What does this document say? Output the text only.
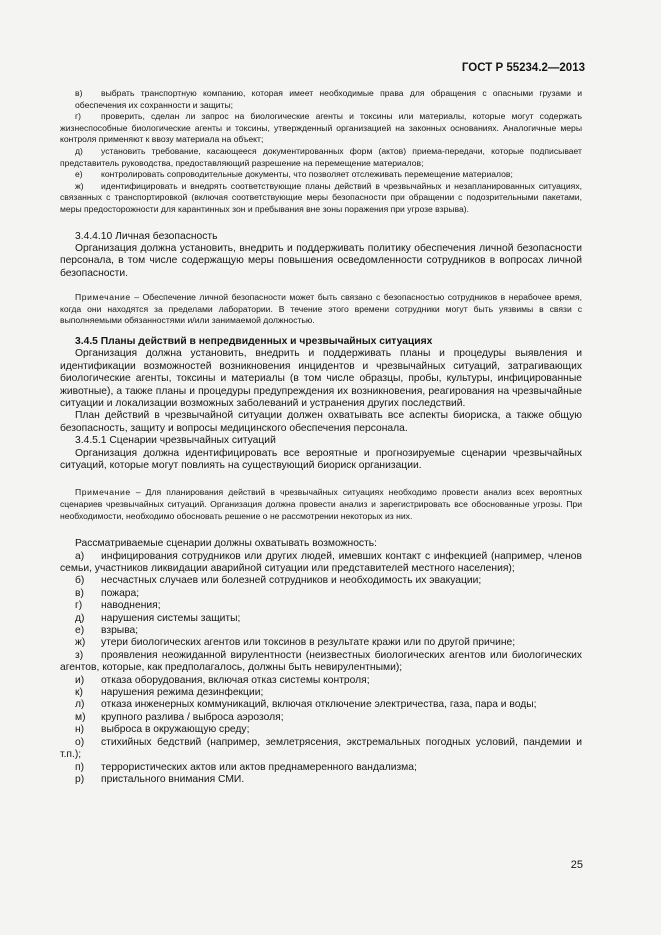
ГОСТ Р 55234.2—2013

в) выбрать транспортную компанию, которая имеет необходимые права для обращения с опасными грузами и обеспечения их сохранности и защиты;

г) проверить, сделан ли запрос на биологические агенты и токсины или материалы, которые могут содержать жизнеспособные биологические агенты и токсины, утвержденный организацией на законных основаниях. Аналогичные меры контроля применяют к ввозу материала на объект;

д) установить требование, касающееся документированных форм (актов) приема-передачи, которые подписывает представитель руководства, предоставляющий разрешение на перемещение материалов;

е) контролировать сопроводительные документы, что позволяет отслеживать перемещение материалов;

ж) идентифицировать и внедрять соответствующие планы действий в чрезвычайных и незапланированных ситуациях, связанных с транспортировкой (включая соответствующие меры безопасности при обращении с подозрительными пакетами, меры предосторожности для карантинных зон и пребывания вне зоны поражения при угрозе взрыва).

3.4.4.10 Личная безопасность

Организация должна установить, внедрить и поддерживать политику обеспечения личной безопасности персонала, в том числе содержащую меры повышения осведомленности сотрудников в вопросах личной безопасности.

Примечание – Обеспечение личной безопасности может быть связано с безопасностью сотрудников в нерабочее время, когда они находятся за пределами лаборатории. В течение этого времени сотрудники могут быть уязвимы в связи с выполняемыми обязанностями и/или занимаемой должностью.

3.4.5 Планы действий в непредвиденных и чрезвычайных ситуациях

Организация должна установить, внедрить и поддерживать планы и процедуры выявления и идентификации возможностей возникновения инцидентов и чрезвычайных ситуаций, затрагивающих биологические агенты, токсины и материалы (в том числе образцы, пробы, культуры, инфицированные животные), а также планы и процедуры предупреждения их возникновения, реагирования на чрезвычайные ситуации и локализации возможных заболеваний и устранения других последствий.

План действий в чрезвычайной ситуации должен охватывать все аспекты биориска, а также общую безопасность, защиту и вопросы медицинского обеспечения персонала.

3.4.5.1 Сценарии чрезвычайных ситуаций

Организация должна идентифицировать все вероятные и прогнозируемые сценарии чрезвычайных ситуаций, которые могут повлиять на существующий биориск организации.

Примечание – Для планирования действий в чрезвычайных ситуациях необходимо провести анализ всех вероятных сценариев чрезвычайных ситуаций. Организация должна провести анализ и зарегистрировать все обоснованные угрозы. При необходимости, необходимо обосновать решение о не рассмотрении некоторых из них.

Рассматриваемые сценарии должны охватывать возможность:

а) инфицирования сотрудников или других людей, имевших контакт с инфекцией (например, членов семьи, участников ликвидации аварийной ситуации или представителей местного населения);

б) несчастных случаев или болезней сотрудников и необходимость их эвакуации;

в) пожара;

г) наводнения;

д) нарушения системы защиты;

е) взрыва;

ж) утери биологических агентов или токсинов в результате кражи или по другой причине;

з) проявления неожиданной вирулентности (неизвестных биологических агентов или биологических агентов, которые, как предполагалось, должны быть невирулентными);

и) отказа оборудования, включая отказ системы контроля;

к) нарушения режима дезинфекции;

л) отказа инженерных коммуникаций, включая отключение электричества, газа, пара и воды;

м) крупного разлива / выброса аэрозоля;

н) выброса в окружающую среду;

о) стихийных бедствий (например, землетрясения, экстремальных погодных условий, пандемии и т.п.);

п) террористических актов или актов преднамеренного вандализма;

р) пристального внимания СМИ.

25
